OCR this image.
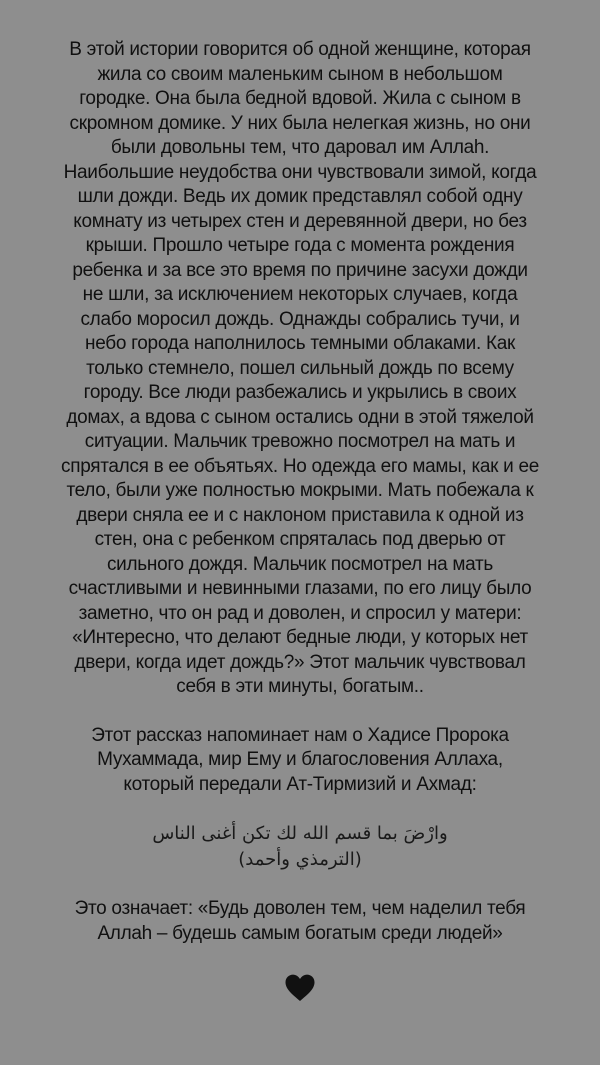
В этой истории говорится об одной женщине, которая жила со своим маленьким сыном в небольшом городке. Она была бедной вдовой. Жила с сыном в скромном домике. У них была нелегкая жизнь, но они были довольны тем, что даровал им Аллаh. Наибольшие неудобства они чувствовали зимой, когда шли дожди. Ведь их домик представлял собой одну комнату из четырех стен и деревянной двери, но без крыши. Прошло четыре года с момента рождения ребенка и за все это время по причине засухи дожди не шли, за исключением некоторых случаев, когда слабо моросил дождь. Однажды собрались тучи, и небо города наполнилось темными облаками. Как только стемнело, пошел сильный дождь по всему городу. Все люди разбежались и укрылись в своих домах, а вдова с сыном остались одни в этой тяжелой ситуации. Мальчик тревожно посмотрел на мать и спрятался в ее объятьях. Но одежда его мамы, как и ее тело, были уже полностью мокрыми. Мать побежала к двери сняла ее и с наклоном приставила к одной из стен, она с ребенком спряталась под дверью от сильного дождя. Мальчик посмотрел на мать счастливыми и невинными глазами, по его лицу было заметно, что он рад и доволен, и спросил у матери: «Интересно, что делают бедные люди, у которых нет двери, когда идет дождь?» Этот мальчик чувствовал себя в эти минуты, богатым..

Этот рассказ напоминает нам о Хадисе Пророка Мухаммада, мир Ему и благословения Аллаха, который передали Ат-Тирмизий и Ахмад:

وارْضَ بما قسم الله لك تكن أغنى الناس

(الترمذي وأحمد)

Это означает: «Будь доволен тем, чем наделил тебя Аллаh – будешь самым богатым среди людей»
